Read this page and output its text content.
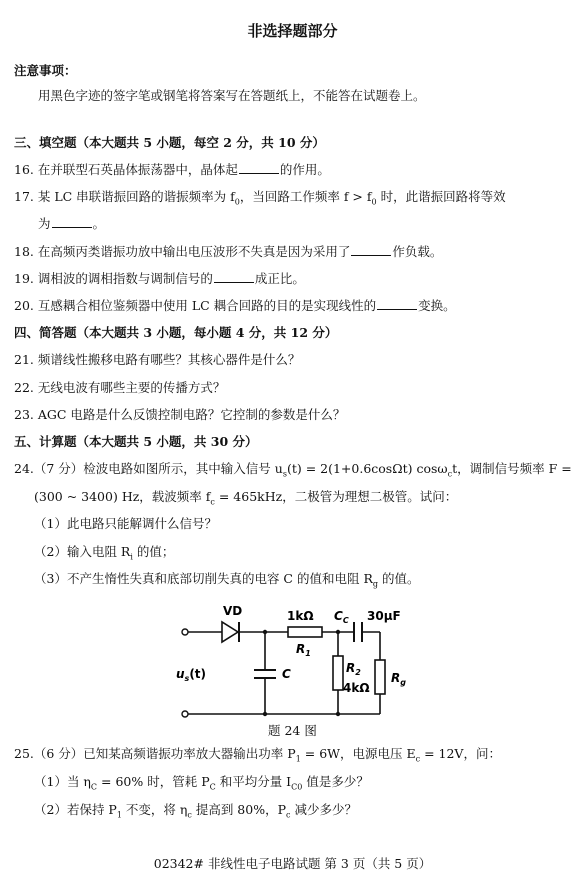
非选择题部分
注意事项：
用黑色字迹的签字笔或钢笔将答案写在答题纸上，不能答在试题卷上。
三、填空题（本大题共 5 小题，每空 2 分，共 10 分）
16. 在并联型石英晶体振荡器中，晶体起	的作用。
17. 某 LC 串联谐振回路的谐振频率为 $f_0$，当回路工作频率 $f > f_0$ 时，此谐振回路将等效
为	。
18. 在高频丙类谐振功放中输出电压波形不失真是因为采用了	作负载。
19. 调相波的调相指数与调制信号的	成正比。
20. 互感耦合相位鉴频器中使用 LC 耦合回路的目的是实现线性的	变换。
四、简答题（本大题共 3 小题，每小题 4 分，共 12 分）
21. 频谱线性搬移电路有哪些？其核心器件是什么？
22. 无线电波有哪些主要的传播方式？
23. AGC 电路是什么反馈控制电路？它控制的参数是什么？
五、计算题（本大题共 5 小题，共 30 分）
24.（7 分）检波电路如图所示，其中输入信号 $u_s(t) = 2(1+0.6\cos\Omega t)$ cosω$_c$t，调制信号频率 F =
(300 ~ 3400) Hz，载波频率 $f_c = 465kHz$，二极管为理想二极管。试问：
（1）此电路只能解调什么信号？
（2）输入电阻 $R_i$ 的值；
（3）不产生惰性失真和底部切削失真的电容 C 的值和电阻 $R_g$ 的值。
VD	1kΩ
$R_1$
$C_C$ 30μF
C	$R_2$
4kΩ
$R_g$
$u_s(t)$
题 24 图
25.（6 分）已知某高频谐振功率放大器输出功率 $P_1 = 6W$，电源电压 $E_c = 12V$，问：
（1）当 $\eta_C = 60\%$ 时，管耗 $P_C$ 和平均分量 $I_{C0}$ 值是多少？
（2）若保持 $P_1$ 不变，将 $\eta_c$ 提高到 80%，$P_c$ 减少多少？
02342# 非线性电子电路试题 第 3 页（共 5 页）
